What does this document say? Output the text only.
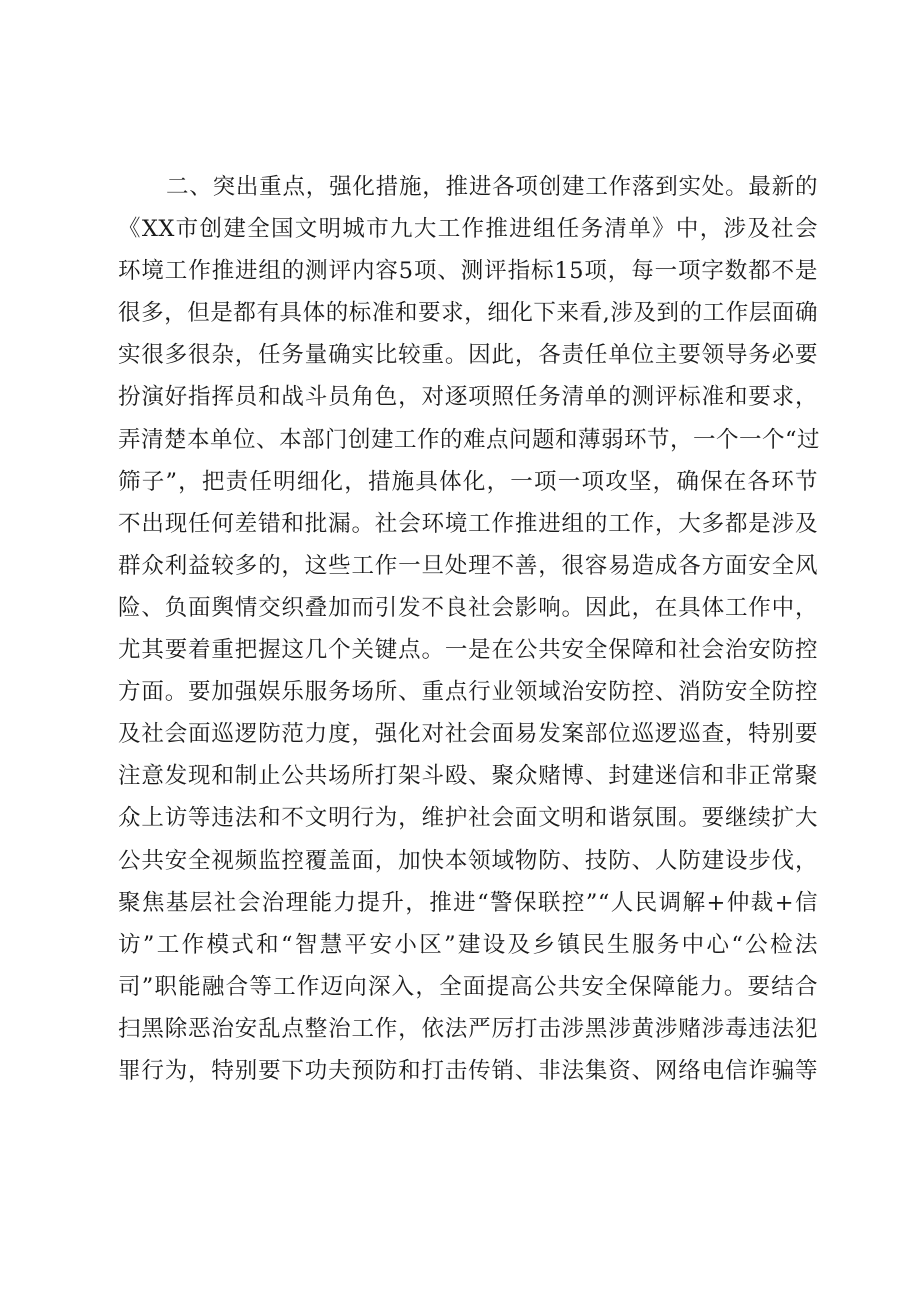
二、突出重点，强化措施，推进各项创建工作落到实处。最新的
《XX市创建全国文明城市九大工作推进组任务清单》中，涉及社会
环境工作推进组的测评内容5项、测评指标15项，每一项字数都不是
很多，但是都有具体的标准和要求，细化下来看,涉及到的工作层面确
实很多很杂，任务量确实比较重。因此，各责任单位主要领导务必要
扮演好指挥员和战斗员角色，对逐项照任务清单的测评标准和要求，
弄清楚本单位、本部门创建工作的难点问题和薄弱环节，一个一个“过
筛子”，把责任明细化，措施具体化，一项一项攻坚，确保在各环节
不出现任何差错和批漏。社会环境工作推进组的工作，大多都是涉及
群众利益较多的，这些工作一旦处理不善，很容易造成各方面安全风
险、负面舆情交织叠加而引发不良社会影响。因此，在具体工作中，
尤其要着重把握这几个关键点。一是在公共安全保障和社会治安防控
方面。要加强娱乐服务场所、重点行业领域治安防控、消防安全防控
及社会面巡逻防范力度，强化对社会面易发案部位巡逻巡查，特别要
注意发现和制止公共场所打架斗殴、聚众赌博、封建迷信和非正常聚
众上访等违法和不文明行为，维护社会面文明和谐氛围。要继续扩大
公共安全视频监控覆盖面，加快本领域物防、技防、人防建设步伐，
聚焦基层社会治理能力提升，推进“警保联控”“人民调解+仲裁+信
访”工作模式和“智慧平安小区”建设及乡镇民生服务中心“公检法
司”职能融合等工作迈向深入，全面提高公共安全保障能力。要结合
扫黑除恶治安乱点整治工作，依法严厉打击涉黑涉黄涉赌涉毒违法犯
罪行为，特别要下功夫预防和打击传销、非法集资、网络电信诈骗等
